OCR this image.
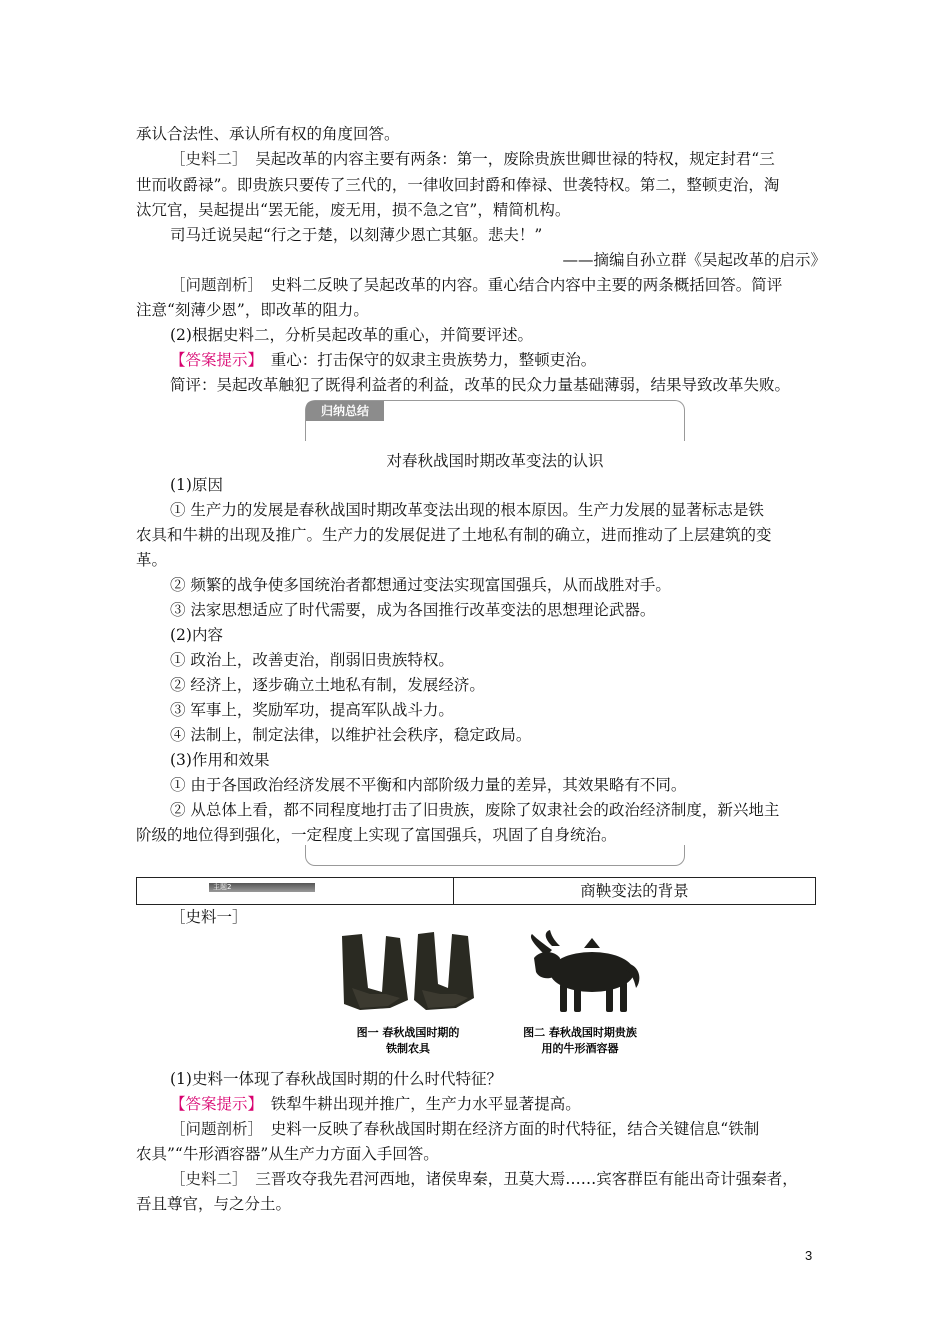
承认合法性、承认所有权的角度回答。
［史料二］　 吴起改革的内容主要有两条：第一，废除贵族世卿世禄的特权，规定封君“三
世而收爵禄”。即贵族只要传了三代的，一律收回封爵和俸禄、世袭特权。第二，整顿吏治，淘
汰冗官，吴起提出“罢无能，废无用，损不急之官”，精简机构。
司马迁说吴起“行之于楚，以刻薄少恩亡其躯。悲夫！”
——摘编自孙立群《吴起改革的启示》
［问题剖析］　 史料二反映了吴起改革的内容。重心结合内容中主要的两条概括回答。简评
注意“刻薄少恩”，即改革的阻力。
(2)根据史料二，分析吴起改革的重心，并简要评述。
【答案提示】　 重心：打击保守的奴隶主贵族势力，整顿吏治。
简评：吴起改革触犯了既得利益者的利益，改革的民众力量基础薄弱，结果导致改革失败。
归纳总结
对春秋战国时期改革变法的认识
(1)原因
① 生产力的发展是春秋战国时期改革变法出现的根本原因。生产力发展的显著标志是铁
农具和牛耕的出现及推广。生产力的发展促进了土地私有制的确立，进而推动了上层建筑的变
革。
② 频繁的战争使多国统治者都想通过变法实现富国强兵，从而战胜对手。
③ 法家思想适应了时代需要，成为各国推行改革变法的思想理论武器。
(2)内容
① 政治上，改善吏治，削弱旧贵族特权。
② 经济上，逐步确立土地私有制，发展经济。
③ 军事上，奖励军功，提高军队战斗力。
④ 法制上，制定法律，以维护社会秩序，稳定政局。
(3)作用和效果
① 由于各国政治经济发展不平衡和内部阶级力量的差异，其效果略有不同。
② 从总体上看，都不同程度地打击了旧贵族，废除了奴隶社会的政治经济制度，新兴地主
阶级的地位得到强化，一定程度上实现了富国强兵，巩固了自身统治。
主题2	商鞅变法的背景
［史料一］
图一 春秋战国时期的
铁制农具
图二 春秋战国时期贵族
用的牛形酒容器
(1)史料一体现了春秋战国时期的什么时代特征？
【答案提示】　 铁犁牛耕出现并推广，生产力水平显著提高。
［问题剖析］　 史料一反映了春秋战国时期在经济方面的时代特征，结合关键信息“铁制
农具”“牛形酒容器”从生产力方面入手回答。
［史料二］　 三晋攻夺我先君河西地，诸侯卑秦，丑莫大焉……宾客群臣有能出奇计强秦者，
吾且尊官，与之分土。
3
